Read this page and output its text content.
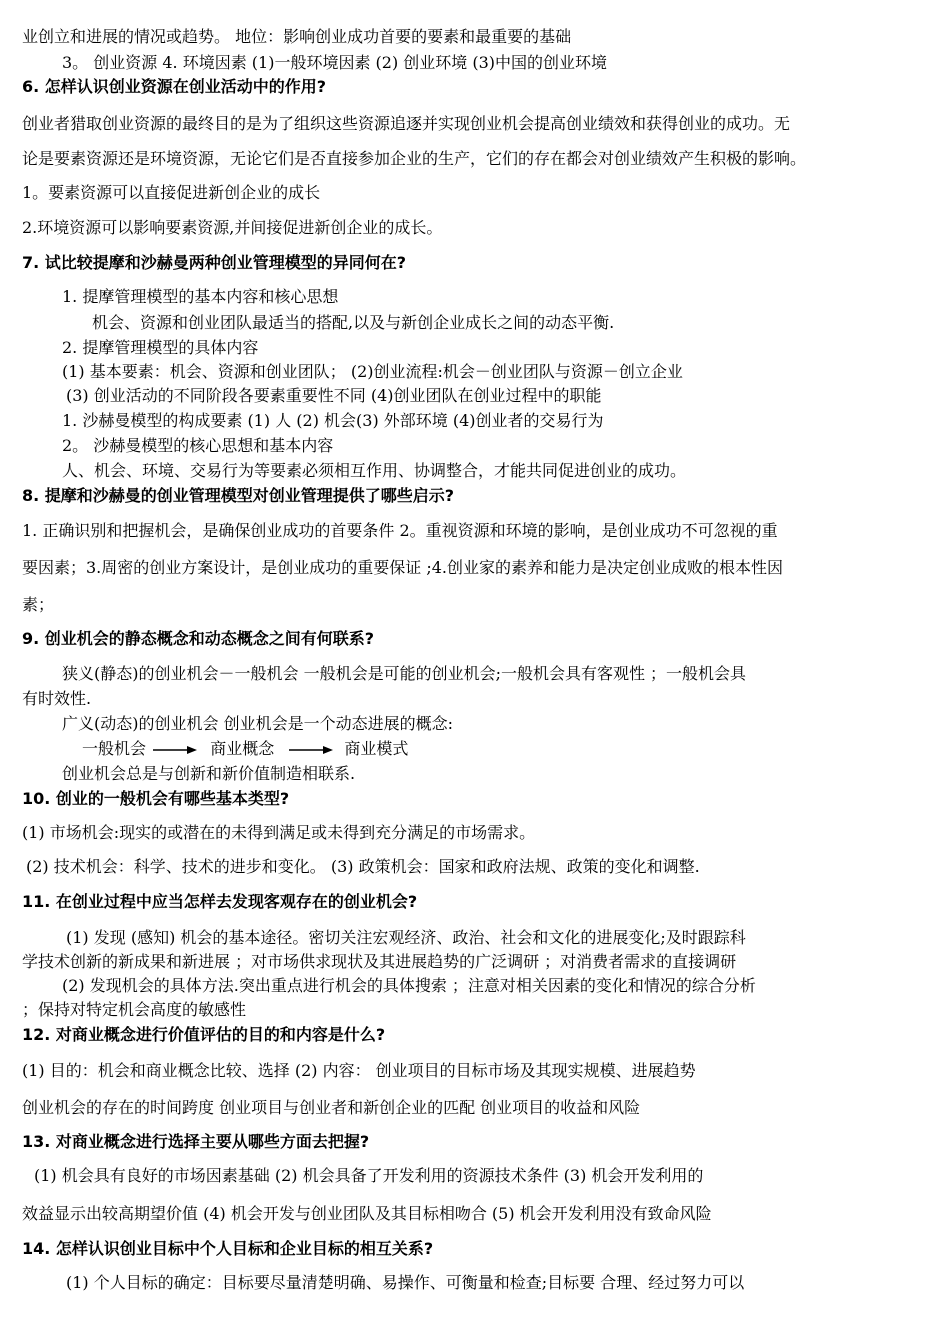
业创立和进展的情况或趋势。 地位：影响创业成功首要的要素和最重要的基础
3。 创业资源 4. 环境因素 (1)一般环境因素 (2) 创业环境 (3)中国的创业环境
6. 怎样认识创业资源在创业活动中的作用?
创业者猎取创业资源的最终目的是为了组织这些资源追逐并实现创业机会提高创业绩效和获得创业的成功。无
论是要素资源还是环境资源，无论它们是否直接参加企业的生产，它们的存在都会对创业绩效产生积极的影响。
1。要素资源可以直接促进新创企业的成长
2.环境资源可以影响要素资源,并间接促进新创企业的成长。
7. 试比较提摩和沙赫曼两种创业管理模型的异同何在?
1. 提摩管理模型的基本内容和核心思想
机会、资源和创业团队最适当的搭配,以及与新创企业成长之间的动态平衡.
2. 提摩管理模型的具体内容
(1) 基本要素：机会、资源和创业团队； (2)创业流程:机会－创业团队与资源－创立企业
(3) 创业活动的不同阶段各要素重要性不同 (4)创业团队在创业过程中的职能
1. 沙赫曼模型的构成要素 (1) 人 (2) 机会(3) 外部环境 (4)创业者的交易行为
2。 沙赫曼模型的核心思想和基本内容
人、机会、环境、交易行为等要素必须相互作用、协调整合，才能共同促进创业的成功。
8. 提摩和沙赫曼的创业管理模型对创业管理提供了哪些启示?
1. 正确识别和把握机会，是确保创业成功的首要条件 2。重视资源和环境的影响，是创业成功不可忽视的重
要因素；3.周密的创业方案设计，是创业成功的重要保证 ;4.创业家的素养和能力是决定创业成败的根本性因
素；
9. 创业机会的静态概念和动态概念之间有何联系?
狭义(静态)的创业机会－一般机会 一般机会是可能的创业机会;一般机会具有客观性 ；一般机会具
有时效性.
广义(动态)的创业机会 创业机会是一个动态进展的概念:
一般机会	商业概念	商业模式
创业机会总是与创新和新价值制造相联系.
10. 创业的一般机会有哪些基本类型?
(1) 市场机会:现实的或潜在的未得到满足或未得到充分满足的市场需求。
(2) 技术机会：科学、技术的进步和变化。 (3) 政策机会：国家和政府法规、政策的变化和调整.
11. 在创业过程中应当怎样去发现客观存在的创业机会?
(1) 发现 (感知) 机会的基本途径。密切关注宏观经济、政治、社会和文化的进展变化;及时跟踪科
学技术创新的新成果和新进展 ；对市场供求现状及其进展趋势的广泛调研 ；对消费者需求的直接调研
(2) 发现机会的具体方法.突出重点进行机会的具体搜索 ；注意对相关因素的变化和情况的综合分析
；保持对特定机会高度的敏感性
12. 对商业概念进行价值评估的目的和内容是什么?
(1) 目的：机会和商业概念比较、选择 (2) 内容： 创业项目的目标市场及其现实规模、进展趋势
创业机会的存在的时间跨度 创业项目与创业者和新创企业的匹配 创业项目的收益和风险
13. 对商业概念进行选择主要从哪些方面去把握?
(1) 机会具有良好的市场因素基础 (2) 机会具备了开发利用的资源技术条件 (3) 机会开发利用的
效益显示出较高期望价值 (4) 机会开发与创业团队及其目标相吻合 (5) 机会开发利用没有致命风险
14. 怎样认识创业目标中个人目标和企业目标的相互关系?
(1) 个人目标的确定：目标要尽量清楚明确、易操作、可衡量和检查;目标要 合理、经过努力可以
